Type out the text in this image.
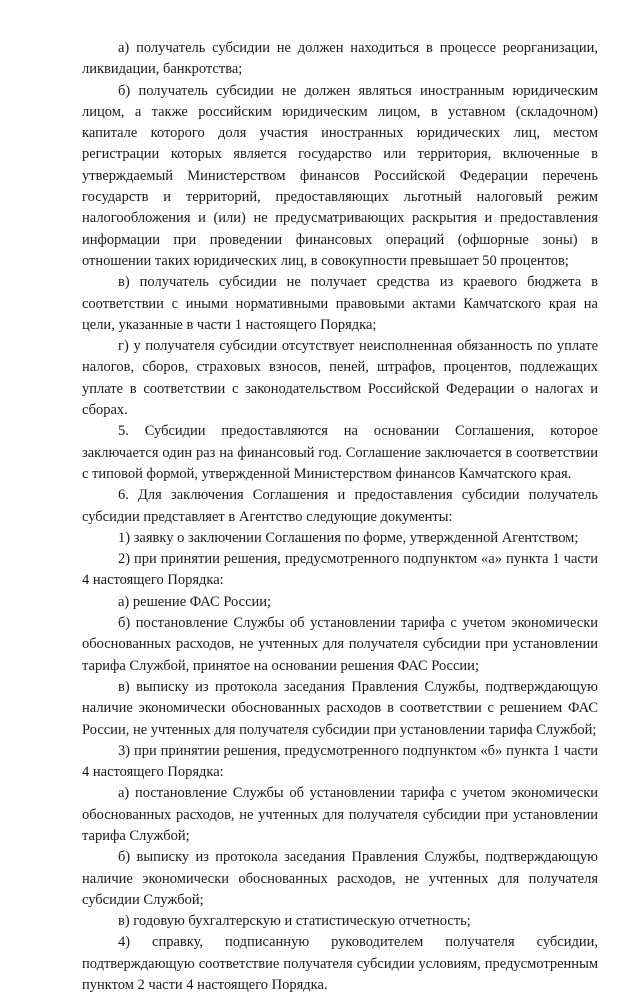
а) получатель субсидии не должен находиться в процессе реорганизации, ликвидации, банкротства;

б) получатель субсидии не должен являться иностранным юридическим лицом, а также российским юридическим лицом, в уставном (складочном) капитале которого доля участия иностранных юридических лиц, местом регистрации которых является государство или территория, включенные в утверждаемый Министерством финансов Российской Федерации перечень государств и территорий, предоставляющих льготный налоговый режим налогообложения и (или) не предусматривающих раскрытия и предоставления информации при проведении финансовых операций (офшорные зоны) в отношении таких юридических лиц, в совокупности превышает 50 процентов;

в) получатель субсидии не получает средства из краевого бюджета в соответствии с иными нормативными правовыми актами Камчатского края на цели, указанные в части 1 настоящего Порядка;

г) у получателя субсидии отсутствует неисполненная обязанность по уплате налогов, сборов, страховых взносов, пеней, штрафов, процентов, подлежащих уплате в соответствии с законодательством Российской Федерации о налогах и сборах.

5. Субсидии предоставляются на основании Соглашения, которое заключается один раз на финансовый год. Соглашение заключается в соответствии с типовой формой, утвержденной Министерством финансов Камчатского края.

6. Для заключения Соглашения и предоставления субсидии получатель субсидии представляет в Агентство следующие документы:

1) заявку о заключении Соглашения по форме, утвержденной Агентством;

2) при принятии решения, предусмотренного подпунктом «а» пункта 1 части 4 настоящего Порядка:

а) решение ФАС России;

б) постановление Службы об установлении тарифа с учетом экономически обоснованных расходов, не учтенных для получателя субсидии при установлении тарифа Службой, принятое на основании решения ФАС России;

в) выписку из протокола заседания Правления Службы, подтверждающую наличие экономически обоснованных расходов в соответствии с решением ФАС России, не учтенных для получателя субсидии при установлении тарифа Службой;

3) при принятии решения, предусмотренного подпунктом «б» пункта 1 части 4 настоящего Порядка:

а) постановление Службы об установлении тарифа с учетом экономически обоснованных расходов, не учтенных для получателя субсидии при установлении тарифа Службой;

б) выписку из протокола заседания Правления Службы, подтверждающую наличие экономически обоснованных расходов, не учтенных для получателя субсидии Службой;

в) годовую бухгалтерскую и статистическую отчетность;

4) справку, подписанную руководителем получателя субсидии, подтверждающую соответствие получателя субсидии условиям, предусмотренным пунктом 2 части 4 настоящего Порядка.
